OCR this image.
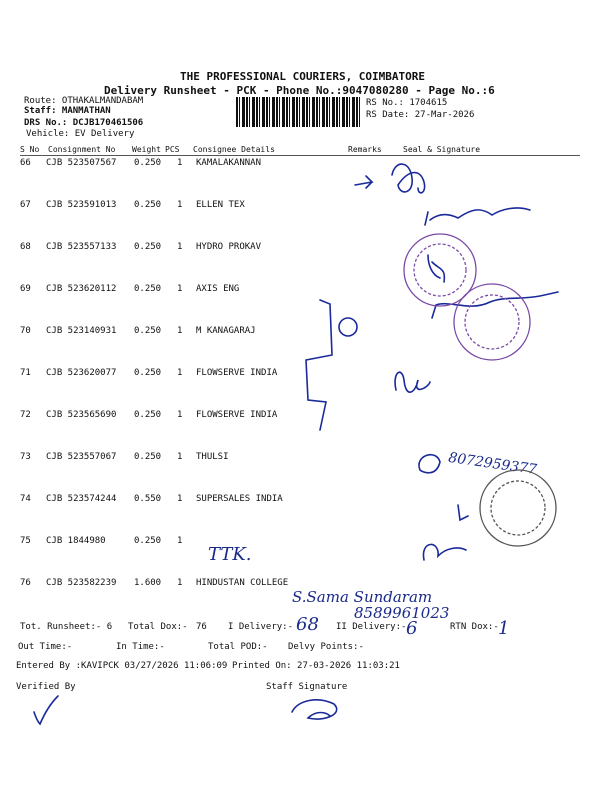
THE PROFESSIONAL COURIERS, COIMBATORE
Delivery Runsheet - PCK - Phone No.:9047080280 - Page No.:6
Route: OTHAKALMANDABAM
Staff: MANMATHAN
DRS No.: DCJB170461506
Vehicle: EV Delivery
RS No.: 1704615
RS Date: 27-Mar-2026
S No Consignment No Weight PCS Consignee Details	Remarks	Seal & Signature
66 CJB 523507567 0.250 1 KAMALAKANNAN
67 CJB 523591013 0.250 1 ELLEN TEX
68 CJB 523557133 0.250 1 HYDRO PROKAV
69 CJB 523620112 0.250 1 AXIS ENG
70 CJB 523140931 0.250 1 M KANAGARAJ
71 CJB 523620077 0.250 1 FLOWSERVE INDIA
72 CJB 523565690 0.250 1 FLOWSERVE INDIA
73 CJB 523557067 0.250 1 THULSI
74 CJB 523574244 0.550 1 SUPERSALES INDIA
75 CJB 1844980	0.250 1
76 CJB 523582239 1.600 1 HINDUSTAN COLLEGE
TTK.
S.Sama Sundaram
8589961023
8072959377
Tot. Runsheet:- 6 Total Dox:- 76 I Delivery:- 68 II Delivery:- 6	RTN Dox:- 1
Out Time:-	In Time:-	Total POD:- Delvy Points:-
Entered By :KAVIPCK 03/27/2026 11:06:09 Printed On: 27-03-2026 11:03:21
Verified By	Staff Signature
